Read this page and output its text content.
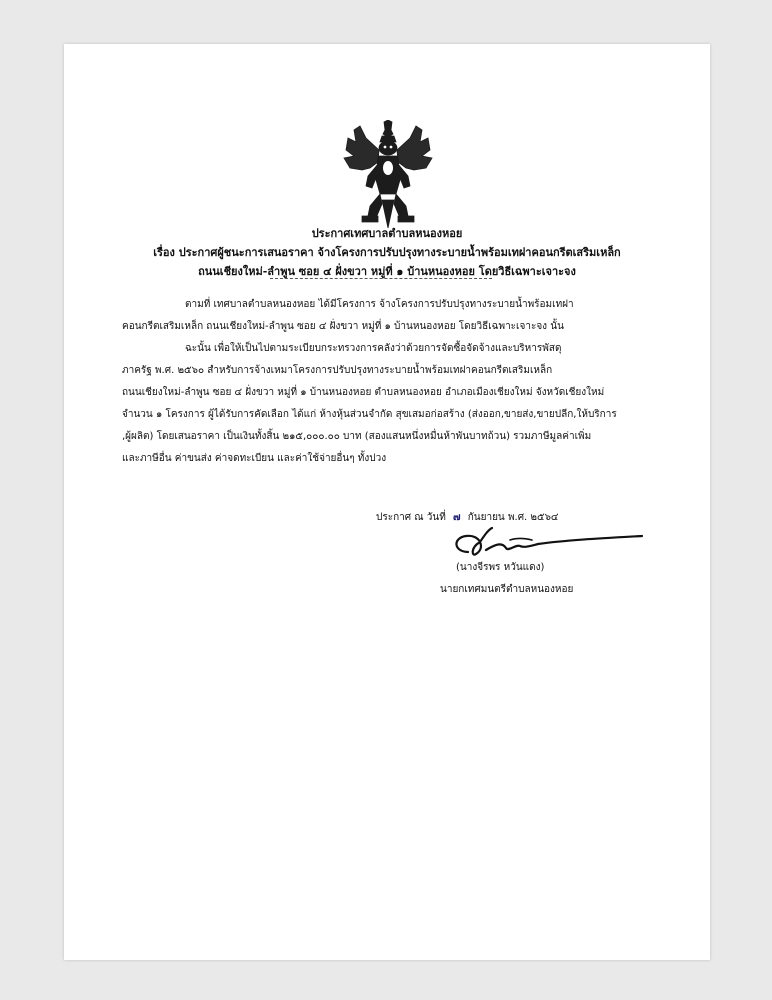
ประกาศเทศบาลตำบลหนองหอย
เรื่อง ประกาศผู้ชนะการเสนอราคา จ้างโครงการปรับปรุงทางระบายน้ำพร้อมเทฝาคอนกรีตเสริมเหล็ก
ถนนเชียงใหม่-ลำพูน ซอย ๔ ฝั่งขวา หมู่ที่ ๑ บ้านหนองหอย โดยวิธีเฉพาะเจาะจง
ตามที่ เทศบาลตำบลหนองหอย ได้มีโครงการ จ้างโครงการปรับปรุงทางระบายน้ำพร้อมเทฝา
คอนกรีตเสริมเหล็ก ถนนเชียงใหม่-ลำพูน ซอย ๔ ฝั่งขวา หมู่ที่ ๑ บ้านหนองหอย โดยวิธีเฉพาะเจาะจง นั้น
ฉะนั้น เพื่อให้เป็นไปตามระเบียบกระทรวงการคลังว่าด้วยการจัดซื้อจัดจ้างและบริหารพัสดุ
ภาครัฐ พ.ศ. ๒๕๖๐ สำหรับการจ้างเหมาโครงการปรับปรุงทางระบายน้ำพร้อมเทฝาคอนกรีตเสริมเหล็ก
ถนนเชียงใหม่-ลำพูน ซอย ๔ ฝั่งขวา หมู่ที่ ๑ บ้านหนองหอย ตำบลหนองหอย อำเภอเมืองเชียงใหม่ จังหวัดเชียงใหม่
จำนวน ๑ โครงการ ผู้ได้รับการคัดเลือก ได้แก่ ห้างหุ้นส่วนจำกัด สุขเสมอก่อสร้าง (ส่งออก,ขายส่ง,ขายปลีก,ให้บริการ
,ผู้ผลิต) โดยเสนอราคา เป็นเงินทั้งสิ้น ๒๑๕,๐๐๐.๐๐ บาท (สองแสนหนึ่งหมื่นห้าพันบาทถ้วน) รวมภาษีมูลค่าเพิ่ม
และภาษีอื่น ค่าขนส่ง ค่าจดทะเบียน และค่าใช้จ่ายอื่นๆ ทั้งปวง
ประกาศ ณ วันที่ ๗ กันยายน พ.ศ. ๒๕๖๔
(นางจีรพร หวันแดง)
นายกเทศมนตรีตำบลหนองหอย
